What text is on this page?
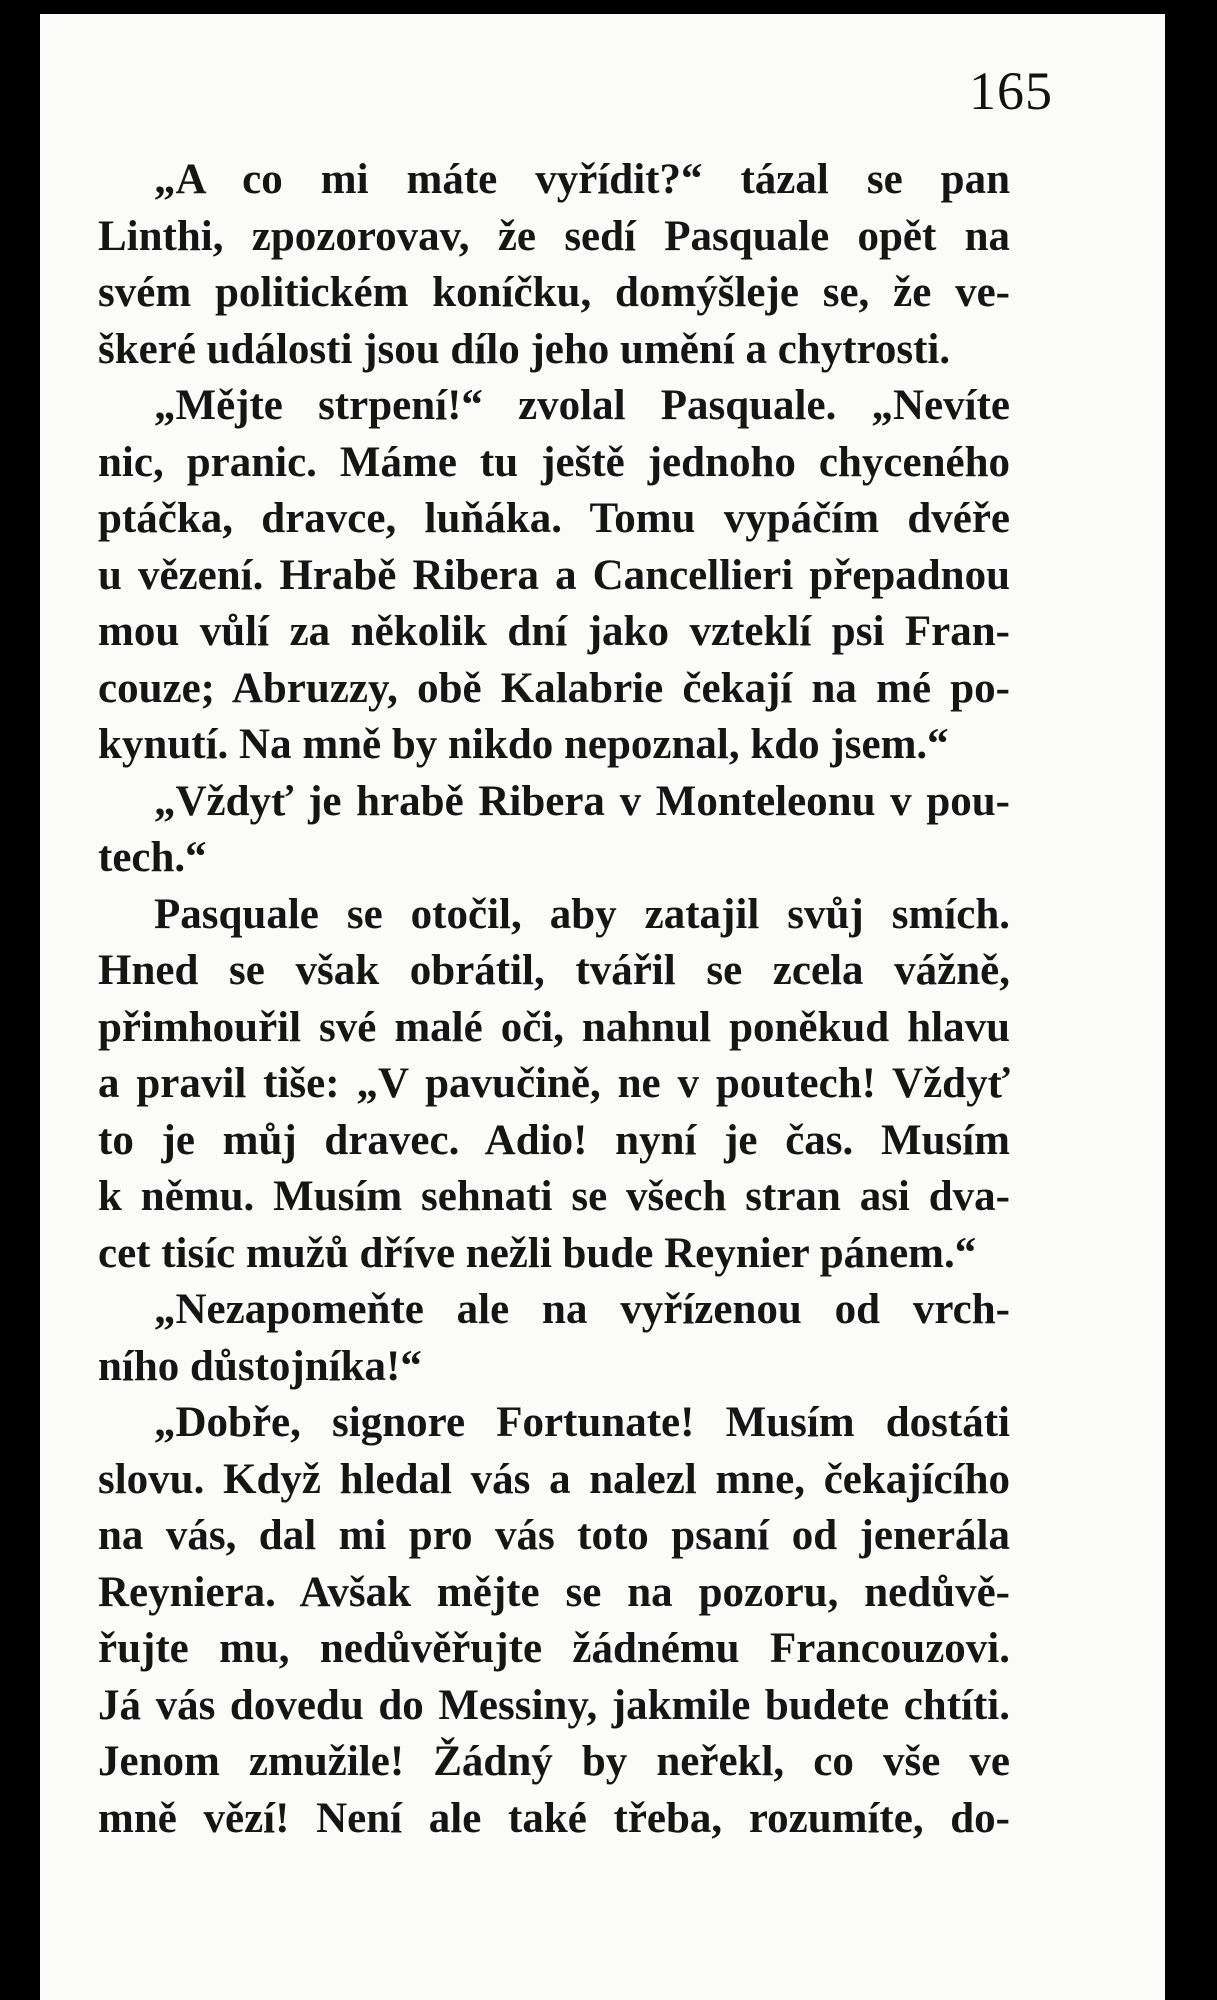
165
„A co mi máte vyřídit?“ tázal se pan
Linthi, zpozorovav, že sedí Pasquale opět na
svém politickém koníčku, domýšleje se, že ve-
škeré události jsou dílo jeho umění a chytrosti.
„Mějte strpení!“ zvolal Pasquale. „Nevíte
nic, pranic. Máme tu ještě jednoho chyceného
ptáčka, dravce, luňáka. Tomu vypáčím dvéře
u vězení. Hrabě Ribera a Cancellieri přepadnou
mou vůlí za několik dní jako vzteklí psi Fran-
couze; Abruzzy, obě Kalabrie čekají na mé po-
kynutí. Na mně by nikdo nepoznal, kdo jsem.“
„Vždyť je hrabě Ribera v Monteleonu v pou-
tech.“
Pasquale se otočil, aby zatajil svůj smích.
Hned se však obrátil, tvářil se zcela vážně,
přimhouřil své malé oči, nahnul poněkud hlavu
a pravil tiše: „V pavučině, ne v poutech! Vždyť
to je můj dravec. Adio! nyní je čas. Musím
k němu. Musím sehnati se všech stran asi dva-
cet tisíc mužů dříve nežli bude Reynier pánem.“
„Nezapomeňte ale na vyřízenou od vrch-
ního důstojníka!“
„Dobře, signore Fortunate! Musím dostáti
slovu. Když hledal vás a nalezl mne, čekajícího
na vás, dal mi pro vás toto psaní od jenerála
Reyniera. Avšak mějte se na pozoru, nedůvě-
řujte mu, nedůvěřujte žádnému Francouzovi.
Já vás dovedu do Messiny, jakmile budete chtíti.
Jenom zmužile! Žádný by neřekl, co vše ve
mně vězí! Není ale také třeba, rozumíte, do-
